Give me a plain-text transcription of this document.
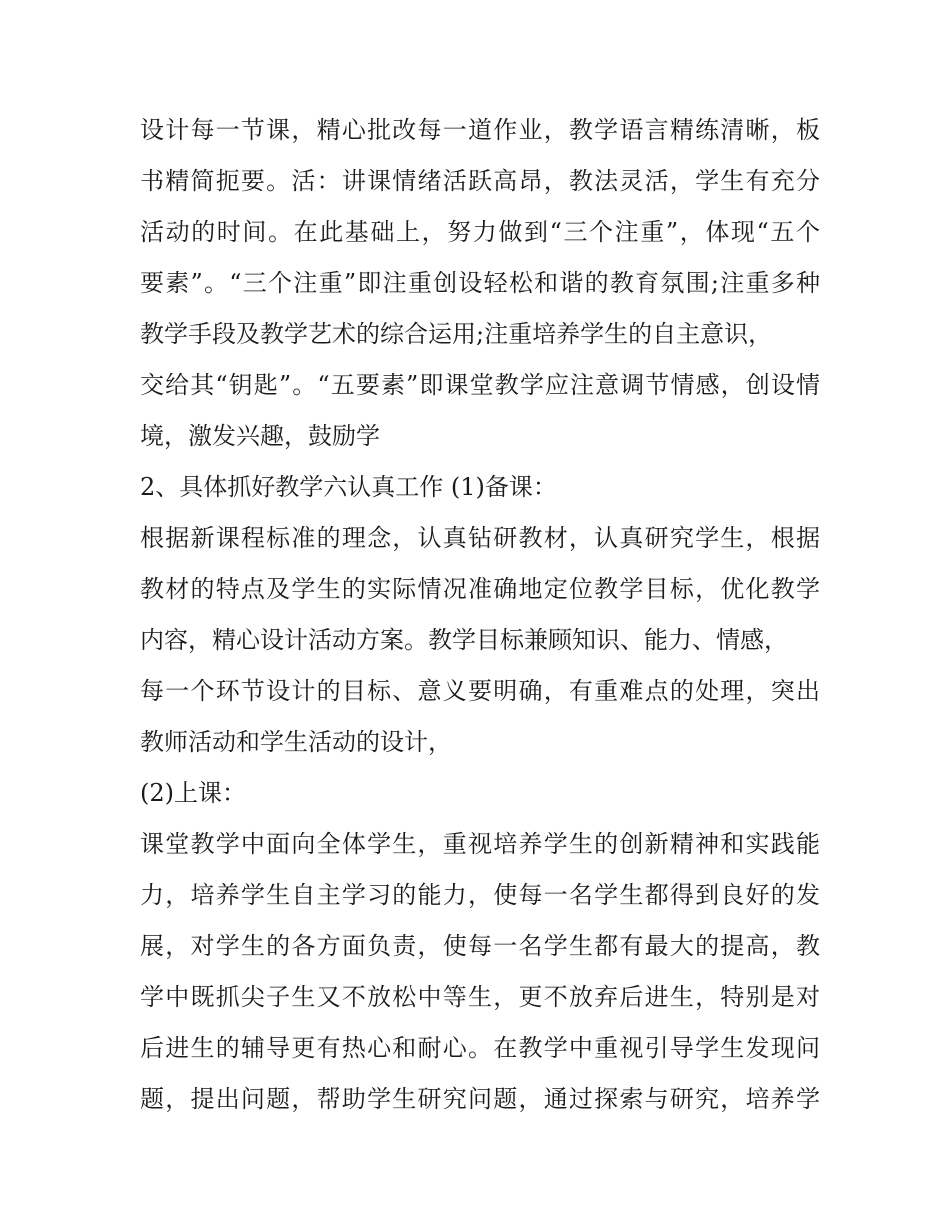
设计每一节课，精心批改每一道作业，教学语言精练清晰，板
书精简扼要。活：讲课情绪活跃高昂，教法灵活，学生有充分
活动的时间。在此基础上，努力做到“三个注重”，体现“五个
要素”。“三个注重”即注重创设轻松和谐的教育氛围;注重多种
教学手段及教学艺术的综合运用;注重培养学生的自主意识，
交给其“钥匙”。“五要素”即课堂教学应注意调节情感，创设情
境，激发兴趣，鼓励学
2、具体抓好教学六认真工作 (1)备课：
根据新课程标准的理念，认真钻研教材，认真研究学生，根据
教材的特点及学生的实际情况准确地定位教学目标，优化教学
内容，精心设计活动方案。教学目标兼顾知识、能力、情感，
每一个环节设计的目标、意义要明确，有重难点的处理，突出
教师活动和学生活动的设计，
(2)上课：
课堂教学中面向全体学生，重视培养学生的创新精神和实践能
力，培养学生自主学习的能力，使每一名学生都得到良好的发
展，对学生的各方面负责，使每一名学生都有最大的提高，教
学中既抓尖子生又不放松中等生，更不放弃后进生，特别是对
后进生的辅导更有热心和耐心。在教学中重视引导学生发现问
题，提出问题，帮助学生研究问题，通过探索与研究，培养学
